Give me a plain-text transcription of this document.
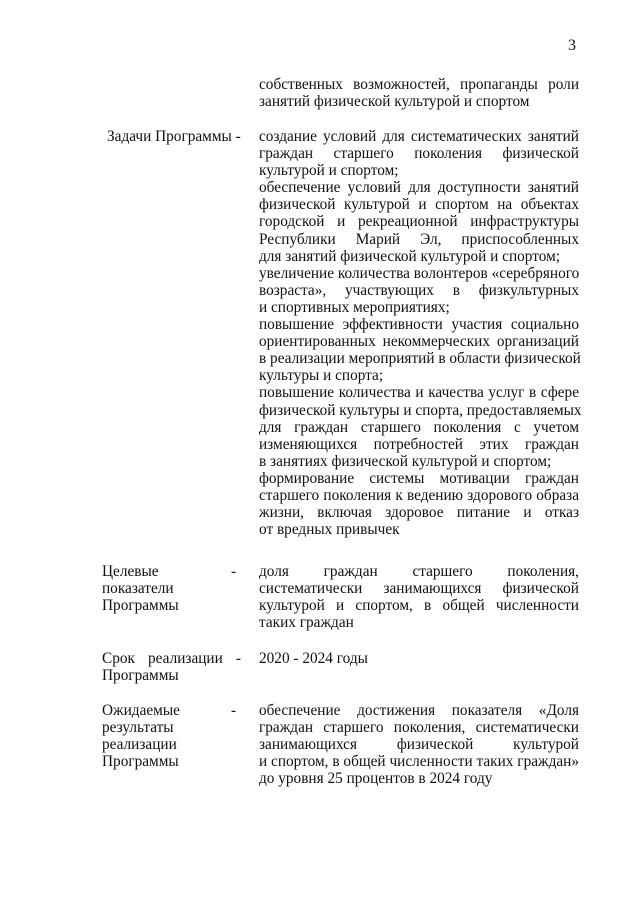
3
собственных возможностей, пропаганды роли
занятий физической культурой и спортом
Задачи Программы - создание условий для систематических занятий
граждан старшего поколения физической
культурой и спортом;
обеспечение условий для доступности занятий
физической культурой и спортом на объектах
городской и рекреационной инфраструктуры
Республики Марий Эл, приспособленных
для занятий физической культурой и спортом;
увеличение количества волонтеров «серебряного
возраста», участвующих в физкультурных
и спортивных мероприятиях;
повышение эффективности участия социально
ориентированных некоммерческих организаций
в реализации мероприятий в области физической
культуры и спорта;
повышение количества и качества услуг в сфере
физической культуры и спорта, предоставляемых
для граждан старшего поколения с учетом
изменяющихся потребностей этих граждан
в занятиях физической культурой и спортом;
формирование системы мотивации граждан
старшего поколения к ведению здорового образа
жизни, включая здоровое питание и отказ
от вредных привычек
Целевые
показатели
Программы
- доля граждан старшего поколения,
систематически занимающихся физической
культурой и спортом, в общей численности
таких граждан
Срок реализации -
Программы
2020 - 2024 годы
Ожидаемые
результаты
реализации
Программы
- обеспечение достижения показателя «Доля
граждан старшего поколения, систематически
занимающихся физической культурой
и спортом, в общей численности таких граждан»
до уровня 25 процентов в 2024 году
